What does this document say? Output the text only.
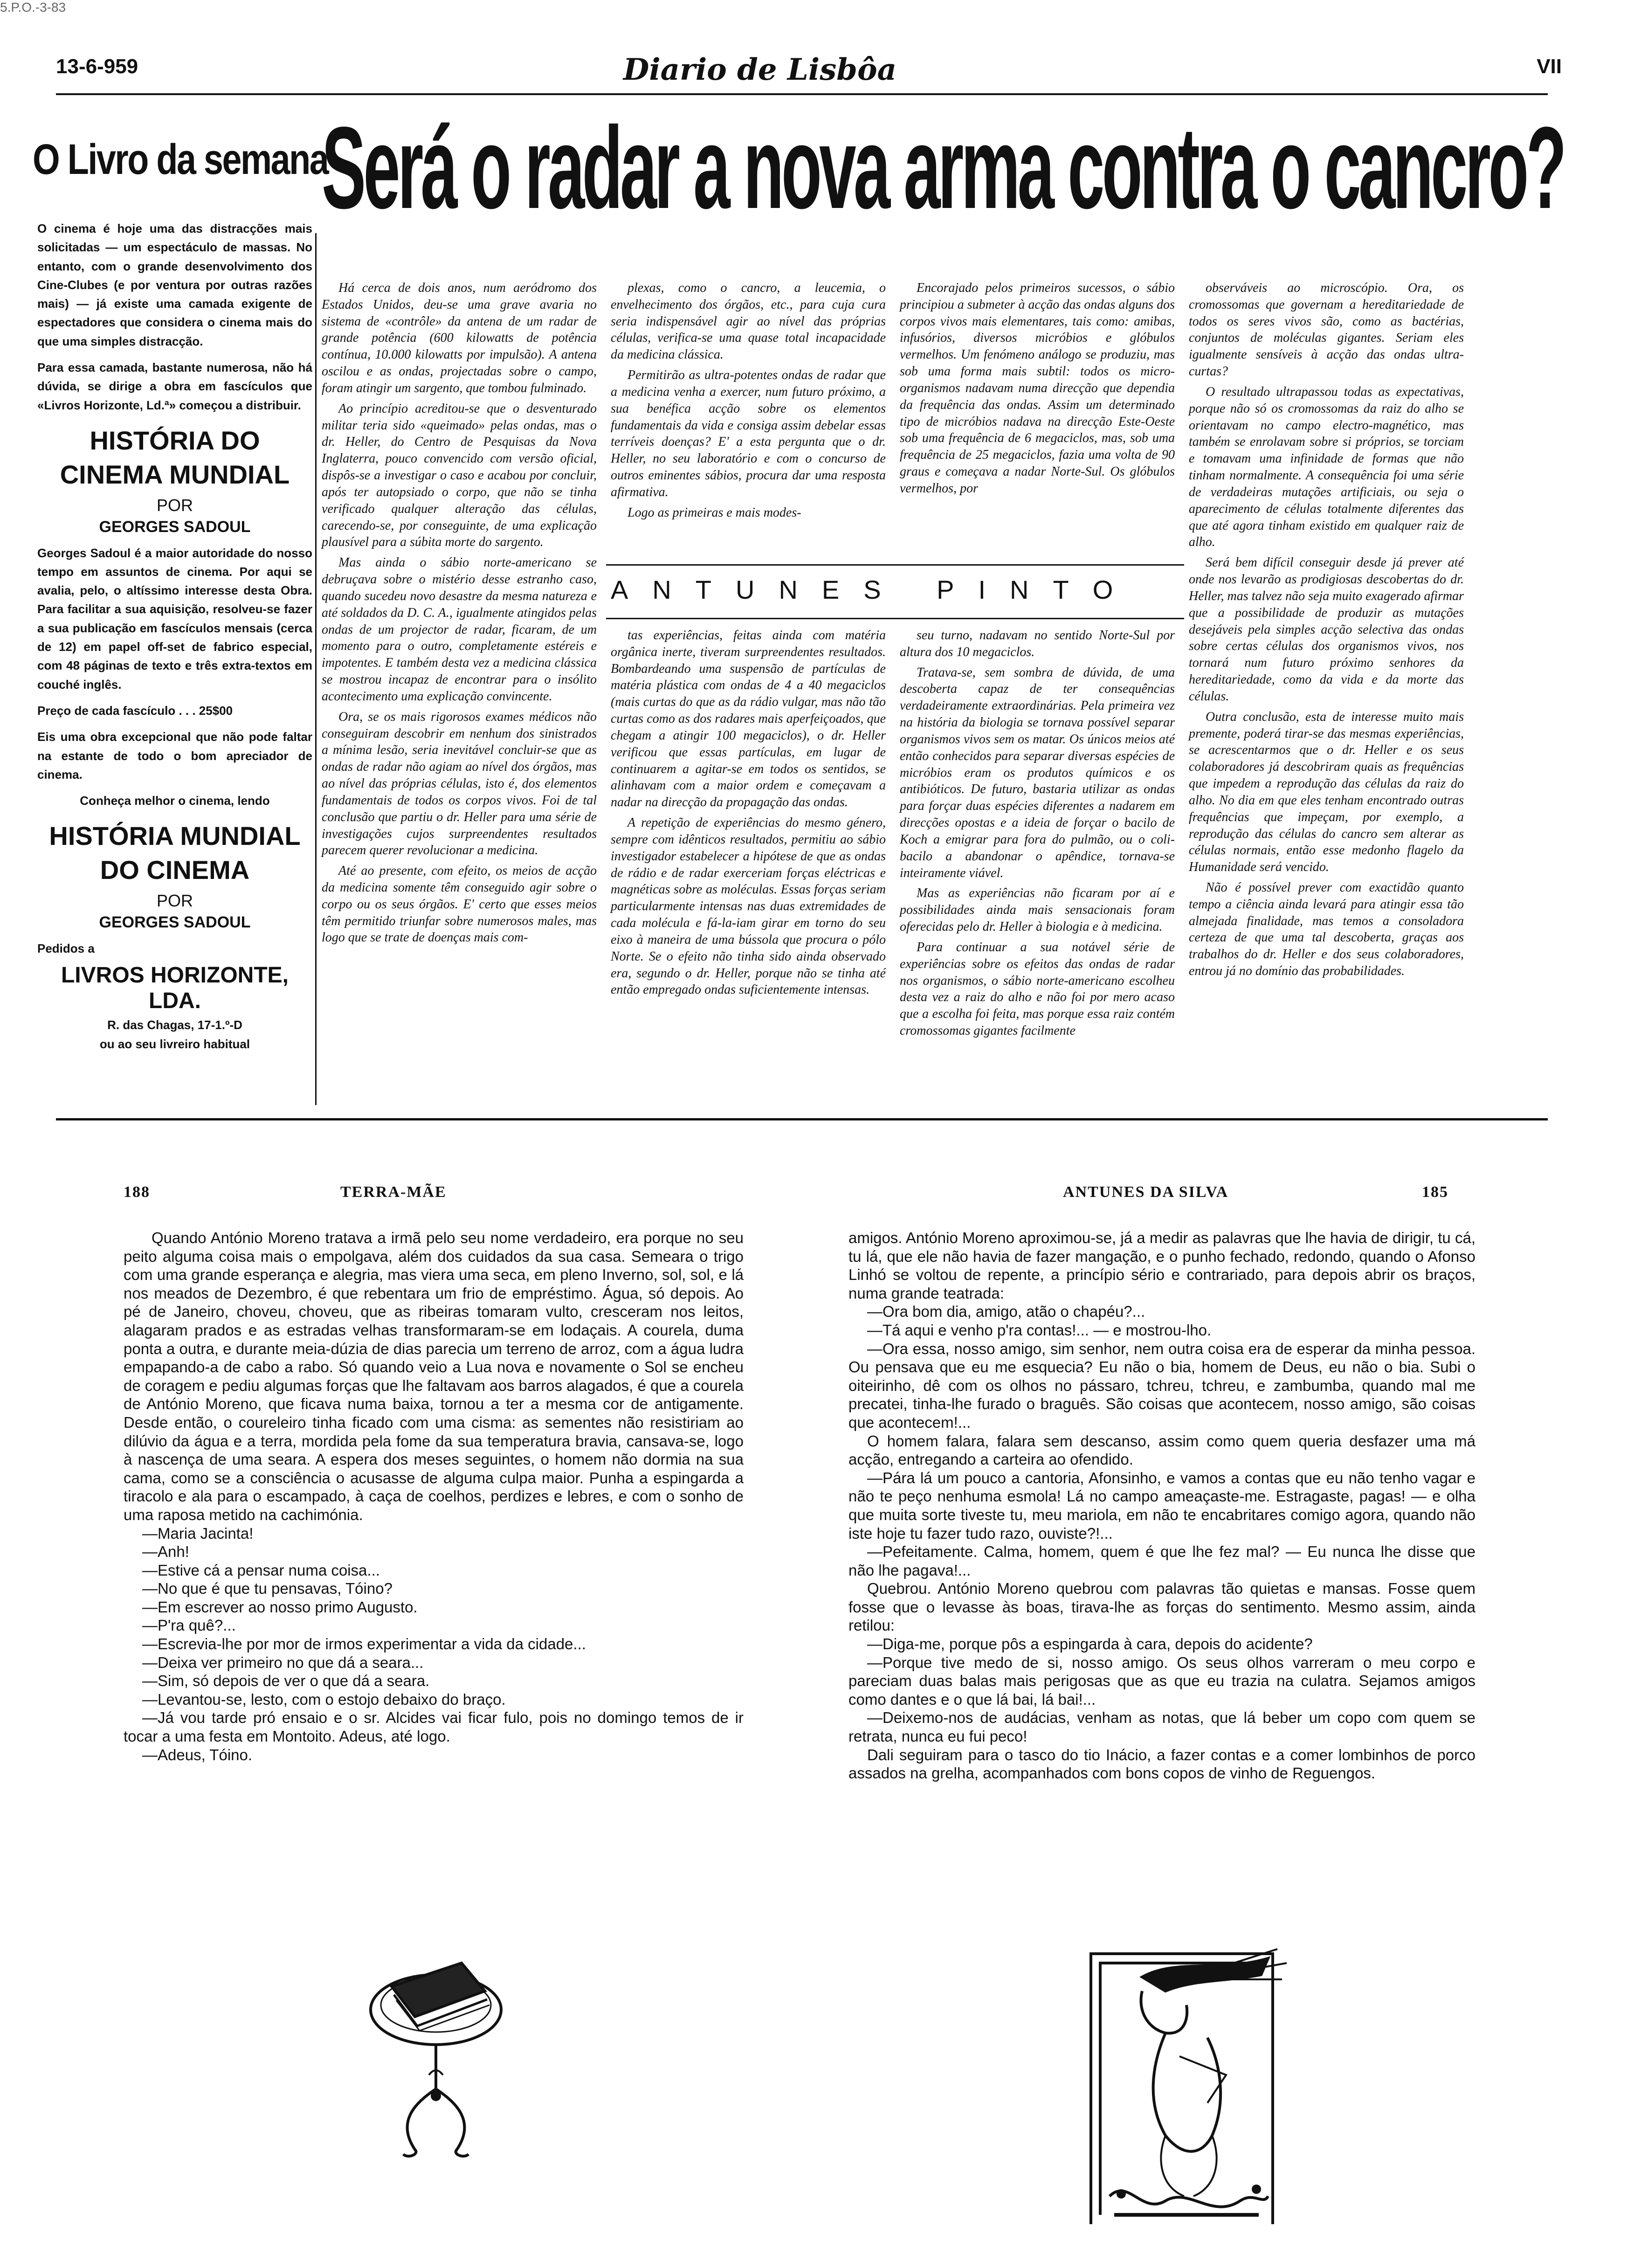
5.P.O.-3-83
13-6-959	Diario de Lisbôa	VII
O Livro da semana
Será o radar a nova arma contra o cancro?

O cinema é hoje uma das distracções mais solicitadas — um espectáculo de massas. No entanto, com o grande desenvolvimento dos Cine-Clubes (e por ventura por outras razões mais) — já existe uma camada exigente de espectadores que considera o cinema mais do que uma simples distracção.

Para essa camada, bastante numerosa, não há dúvida, se dirige a obra em fascículos que «Livros Horizonte, Ld.ª» começou a distribuir.

HISTÓRIA DO CINEMA MUNDIAL
POR
GEORGES SADOUL

Georges Sadoul é a maior autoridade do nosso tempo em assuntos de cinema. Por aqui se avalia, pelo, o altíssimo interesse desta Obra. Para facilitar a sua aquisição, resolveu-se fazer a sua publicação em fascículos mensais (cerca de 12) em papel off-set de fabrico especial, com 48 páginas de texto e três extra-textos em couché inglês.

Preço de cada fascículo . . . 25$00

Eis uma obra excepcional que não pode faltar na estante de todo o bom apreciador de cinema.

Conheça melhor o cinema, lendo
HISTÓRIA MUNDIAL DO CINEMA
POR
GEORGES SADOUL
Pedidos a
LIVROS HORIZONTE, LDA.
R. das Chagas, 17-1.º-D
ou ao seu livreiro habitual

Há cerca de dois anos, num aeródromo dos Estados Unidos, deu-se uma grave avaria no sistema de «contrôle» da antena de um radar de grande potência (600 kilowatts de potência contínua, 10.000 kilowatts por impulsão). A antena oscilou e as ondas, projectadas sobre o campo, foram atingir um sargento, que tombou fulminado.

Ao princípio acreditou-se que o desventurado militar teria sido «queimado» pelas ondas, mas o dr. Heller, do Centro de Pesquisas da Nova Inglaterra, pouco convencido com versão oficial, dispôs-se a investigar o caso e acabou por concluir, após ter autopsiado o corpo, que não se tinha verificado qualquer alteração das células, carecendo-se, por conseguinte, de uma explicação plausível para a súbita morte do sargento.

Mas ainda o sábio norte-americano se debruçava sobre o mistério desse estranho caso, quando sucedeu novo desastre da mesma natureza e até soldados da D. C. A., igualmente atingidos pelas ondas de um projector de radar, ficaram, de um momento para o outro, completamente estéreis e impotentes. E também desta vez a medicina clássica se mostrou incapaz de encontrar para o insólito acontecimento uma explicação convincente.

Ora, se os mais rigorosos exames médicos não conseguiram descobrir em nenhum dos sinistrados a mínima lesão, seria inevitável concluir-se que as ondas de radar não agiam ao nível dos órgãos, mas ao nível das próprias células, isto é, dos elementos fundamentais de todos os corpos vivos. Foi de tal conclusão que partiu o dr. Heller para uma série de investigações cujos surpreendentes resultados parecem querer revolucionar a medicina.

Até ao presente, com efeito, os meios de acção da medicina somente têm conseguido agir sobre o corpo ou os seus órgãos. E' certo que esses meios têm permitido triunfar sobre numerosos males, mas logo que se trate de doenças mais com-

plexas, como o cancro, a leucemia, o envelhecimento dos órgãos, etc., para cuja cura seria indispensável agir ao nível das próprias células, verifica-se uma quase total incapacidade da medicina clássica.

Permitirão as ultra-potentes ondas de radar que a medicina venha a exercer, num futuro próximo, a sua benéfica acção sobre os elementos fundamentais da vida e consiga assim debelar essas terríveis doenças? E' a esta pergunta que o dr. Heller, no seu laboratório e com o concurso de outros eminentes sábios, procura dar uma resposta afirmativa.

Logo as primeiras e mais modes-

Encorajado pelos primeiros sucessos, o sábio principiou a submeter à acção das ondas alguns dos corpos vivos mais elementares, tais como: amibas, infusórios, diversos micróbios e glóbulos vermelhos. Um fenómeno análogo se produziu, mas sob uma forma mais subtil: todos os micro-organismos nadavam numa direcção que dependia da frequência das ondas. Assim um determinado tipo de micróbios nadava na direcção Este-Oeste sob uma frequência de 6 megaciclos, mas, sob uma frequência de 25 megaciclos, fazia uma volta de 90 graus e começava a nadar Norte-Sul. Os glóbulos vermelhos, por

ANTUNES PINTO

tas experiências, feitas ainda com matéria orgânica inerte, tiveram surpreendentes resultados. Bombardeando uma suspensão de partículas de matéria plástica com ondas de 4 a 40 megaciclos (mais curtas do que as da rádio vulgar, mas não tão curtas como as dos radares mais aperfeiçoados, que chegam a atingir 100 megaciclos), o dr. Heller verificou que essas partículas, em lugar de continuarem a agitar-se em todos os sentidos, se alinhavam com a maior ordem e começavam a nadar na direcção da propagação das ondas.

A repetição de experiências do mesmo género, sempre com idênticos resultados, permitiu ao sábio investigador estabelecer a hipótese de que as ondas de rádio e de radar exerceriam forças eléctricas e magnéticas sobre as moléculas. Essas forças seriam particularmente intensas nas duas extremidades de cada molécula e fá-la-iam girar em torno do seu eixo à maneira de uma bússola que procura o pólo Norte. Se o efeito não tinha sido ainda observado era, segundo o dr. Heller, porque não se tinha até então empregado ondas suficientemente intensas.

seu turno, nadavam no sentido Norte-Sul por altura dos 10 megaciclos.

Tratava-se, sem sombra de dúvida, de uma descoberta capaz de ter consequências verdadeiramente extraordinárias. Pela primeira vez na história da biologia se tornava possível separar organismos vivos sem os matar. Os únicos meios até então conhecidos para separar diversas espécies de micróbios eram os produtos químicos e os antibióticos. De futuro, bastaria utilizar as ondas para forçar duas espécies diferentes a nadarem em direcções opostas e a ideia de forçar o bacilo de Koch a emigrar para fora do pulmão, ou o coli-bacilo a abandonar o apêndice, tornava-se inteiramente viável.

Mas as experiências não ficaram por aí e possibilidades ainda mais sensacionais foram oferecidas pelo dr. Heller à biologia e à medicina.

Para continuar a sua notável série de experiências sobre os efeitos das ondas de radar nos organismos, o sábio norte-americano escolheu desta vez a raiz do alho e não foi por mero acaso que a escolha foi feita, mas porque essa raiz contém cromossomas gigantes facilmente

observáveis ao microscópio. Ora, os cromossomas que governam a hereditariedade de todos os seres vivos são, como as bactérias, conjuntos de moléculas gigantes. Seriam eles igualmente sensíveis à acção das ondas ultra-curtas?

O resultado ultrapassou todas as expectativas, porque não só os cromossomas da raiz do alho se orientavam no campo electro-magnético, mas também se enrolavam sobre si próprios, se torciam e tomavam uma infinidade de formas que não tinham normalmente. A consequência foi uma série de verdadeiras mutações artificiais, ou seja o aparecimento de células totalmente diferentes das que até agora tinham existido em qualquer raiz de alho.

Será bem difícil conseguir desde já prever até onde nos levarão as prodigiosas descobertas do dr. Heller, mas talvez não seja muito exagerado afirmar que a possibilidade de produzir as mutações desejáveis pela simples acção selectiva das ondas sobre certas células dos organismos vivos, nos tornará num futuro próximo senhores da hereditariedade, como da vida e da morte das células.

Outra conclusão, esta de interesse muito mais premente, poderá tirar-se das mesmas experiências, se acrescentarmos que o dr. Heller e os seus colaboradores já descobriram quais as frequências que impedem a reprodução das células da raiz do alho. No dia em que eles tenham encontrado outras frequências que impeçam, por exemplo, a reprodução das células do cancro sem alterar as células normais, então esse medonho flagelo da Humanidade será vencido.

Não é possível prever com exactidão quanto tempo a ciência ainda levará para atingir essa tão almejada finalidade, mas temos a consoladora certeza de que uma tal descoberta, graças aos trabalhos do dr. Heller e dos seus colaboradores, entrou já no domínio das probabilidades.

188	TERRA-MÃE	ANTUNES DA SILVA	185

Quando António Moreno tratava a irmã pelo seu nome verdadeiro, era porque no seu peito alguma coisa mais o empolgava, além dos cuidados da sua casa. Semeara o trigo com uma grande esperança e alegria, mas viera uma seca, em pleno Inverno, sol, sol, e lá nos meados de Dezembro, é que rebentara um frio de empréstimo. Água, só depois. Ao pé de Janeiro, choveu, choveu, que as ribeiras tomaram vulto, cresceram nos leitos, alagaram prados e as estradas velhas transformaram-se em lodaçais. A courela, duma ponta a outra, e durante meia-dúzia de dias parecia um terreno de arroz, com a água ludra empapando-a de cabo a rabo. Só quando veio a Lua nova e novamente o Sol se encheu de coragem e pediu algumas forças que lhe faltavam aos barros alagados, é que a courela de António Moreno, que ficava numa baixa, tornou a ter a mesma cor de antigamente. Desde então, o coureleiro tinha ficado com uma cisma: as sementes não resistiriam ao dilúvio da água e a terra, mordida pela fome da sua temperatura bravia, cansava-se, logo à nascença de uma seara. A espera dos meses seguintes, o homem não dormia na sua cama, como se a consciência o acusasse de alguma culpa maior. Punha a espingarda a tiracolo e ala para o escampado, à caça de coelhos, perdizes e lebres, e com o sonho de uma raposa metido na cachimónia.

—Maria Jacinta!

—Anh!

—Estive cá a pensar numa coisa...

—No que é que tu pensavas, Tóino?

—Em escrever ao nosso primo Augusto.

—P'ra quê?...

—Escrevia-lhe por mor de irmos experimentar a vida da cidade...

—Deixa ver primeiro no que dá a seara...

—Sim, só depois de ver o que dá a seara.

—Levantou-se, lesto, com o estojo debaixo do braço.

—Já vou tarde pró ensaio e o sr. Alcides vai ficar fulo, pois no domingo temos de ir tocar a uma festa em Montoito. Adeus, até logo.

—Adeus, Tóino.

amigos. António Moreno aproximou-se, já a medir as palavras que lhe havia de dirigir, tu cá, tu lá, que ele não havia de fazer mangação, e o punho fechado, redondo, quando o Afonso Linhó se voltou de repente, a princípio sério e contrariado, para depois abrir os braços, numa grande teatrada:

—Ora bom dia, amigo, atão o chapéu?...

—Tá aqui e venho p'ra contas!... — e mostrou-lho.

—Ora essa, nosso amigo, sim senhor, nem outra coisa era de esperar da minha pessoa. Ou pensava que eu me esquecia? Eu não o bia, homem de Deus, eu não o bia. Subi o oiteirinho, dê com os olhos no pássaro, tchreu, tchreu, e zambumba, quando mal me precatei, tinha-lhe furado o braguês. São coisas que acontecem, nosso amigo, são coisas que acontecem!...

O homem falara, falara sem descanso, assim como quem queria desfazer uma má acção, entregando a carteira ao ofendido.

—Pára lá um pouco a cantoria, Afonsinho, e vamos a contas que eu não tenho vagar e não te peço nenhuma esmola! Lá no campo ameaçaste-me. Estragaste, pagas! — e olha que muita sorte tiveste tu, meu mariola, em não te encabritares comigo agora, quando não iste hoje tu fazer tudo razo, ouviste?!...

—Pefeitamente. Calma, homem, quem é que lhe fez mal? — Eu nunca lhe disse que não lhe pagava!...

Quebrou. António Moreno quebrou com palavras tão quietas e mansas. Fosse quem fosse que o levasse às boas, tirava-lhe as forças do sentimento. Mesmo assim, ainda retilou:

—Diga-me, porque pôs a espingarda à cara, depois do acidente?

—Porque tive medo de si, nosso amigo. Os seus olhos varreram o meu corpo e pareciam duas balas mais perigosas que as que eu trazia na culatra. Sejamos amigos como dantes e o que lá bai, lá bai!...

—Deixemo-nos de audácias, venham as notas, que lá beber um copo com quem se retrata, nunca eu fui peco!

Dali seguiram para o tasco do tio Inácio, a fazer contas e a comer lombinhos de porco assados na grelha, acompanhados com bons copos de vinho de Reguengos.
